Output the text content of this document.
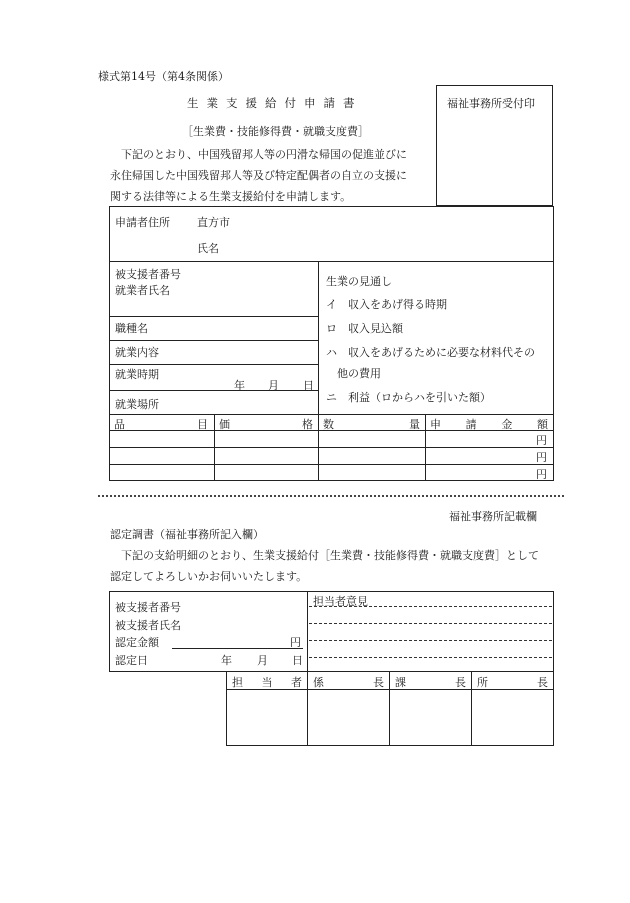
様式第14号（第4条関係）
福祉事務所受付印
生業支援給付申請書
［生業費・技能修得費・就職支度費］
下記のとおり、中国残留邦人等の円滑な帰国の促進並びに
永住帰国した中国残留邦人等及び特定配偶者の自立の支援に
関する法律等による生業支援給付を申請します。
申請者住所 直方市
氏名
被支援者番号
就業者氏名
職種名
就業内容
就業時期
年 月 日
就業場所
生業の見通し
イ　収入をあげ得る時期
ロ　収入見込額
ハ　収入をあげるために必要な材料代その
　他の費用
ニ　利益（ロからハを引いた額）
品	目 価	格 数	量 申 請 金 額
円
円
円
福祉事務所記載欄
認定調書（福祉事務所記入欄）
下記の支給明細のとおり、生業支援給付［生業費・技能修得費・就職支度費］として
認定してよろしいかお伺いいたします。
被支援者番号
被支援者氏名
認定金額	円
認定日	年 月 日
担当者意見
担 当 者 係	長 課	長 所	長
